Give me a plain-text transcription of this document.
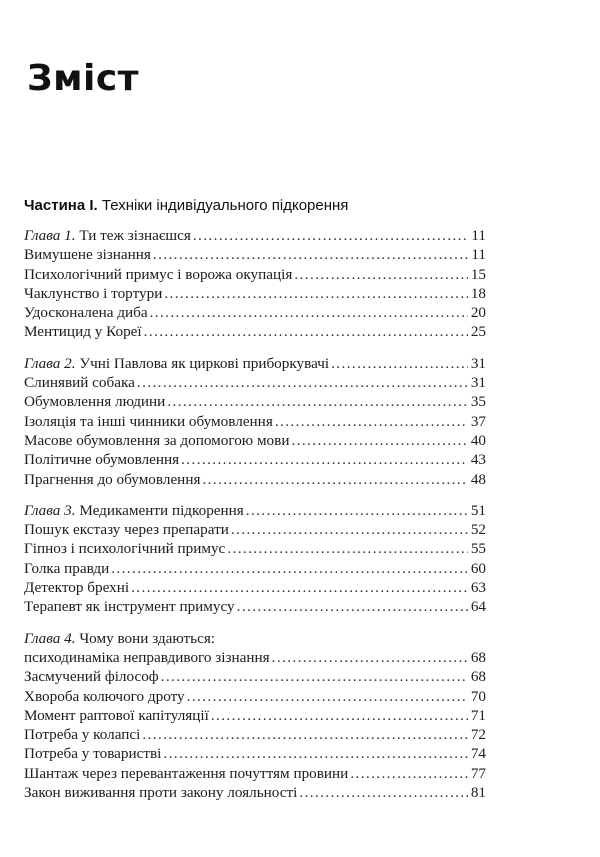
Зміст
Частина I. Техніки індивідуального підкорення
Глава 1. Ти теж зізнаєшся . . .	11
Вимушене зізнання . . .	11
Психологічний примус і ворожа окупація . . .	15
Чаклунство і тортури . . .	18
Удосконалена диба . . .	20
Ментицид у Кореї . . .	25
Глава 2. Учні Павлова як циркові приборкувачі . . .	31
Слинявий собака . . .	31
Обумовлення людини . . .	35
Ізоляція та інші чинники обумовлення . . .	37
Масове обумовлення за допомогою мови . . .	40
Політичне обумовлення . . .	43
Прагнення до обумовлення . . .	48
Глава 3. Медикаменти підкорення . . .	51
Пошук екстазу через препарати . . .	52
Гіпноз і психологічний примус . . .	55
Голка правди . . .	60
Детектор брехні . . .	63
Терапевт як інструмент примусу . . .	64
Глава 4. Чому вони здаються:
психодинаміка неправдивого зізнання . . .	68
Засмучений філософ . . .	68
Хвороба колючого дроту . . .	70
Момент раптової капітуляції . . .	71
Потреба у колапсі . . .	72
Потреба у товаристві . . .	74
Шантаж через перевантаження почуттям провини . . .	77
Закон виживання проти закону лояльності . . .	81
